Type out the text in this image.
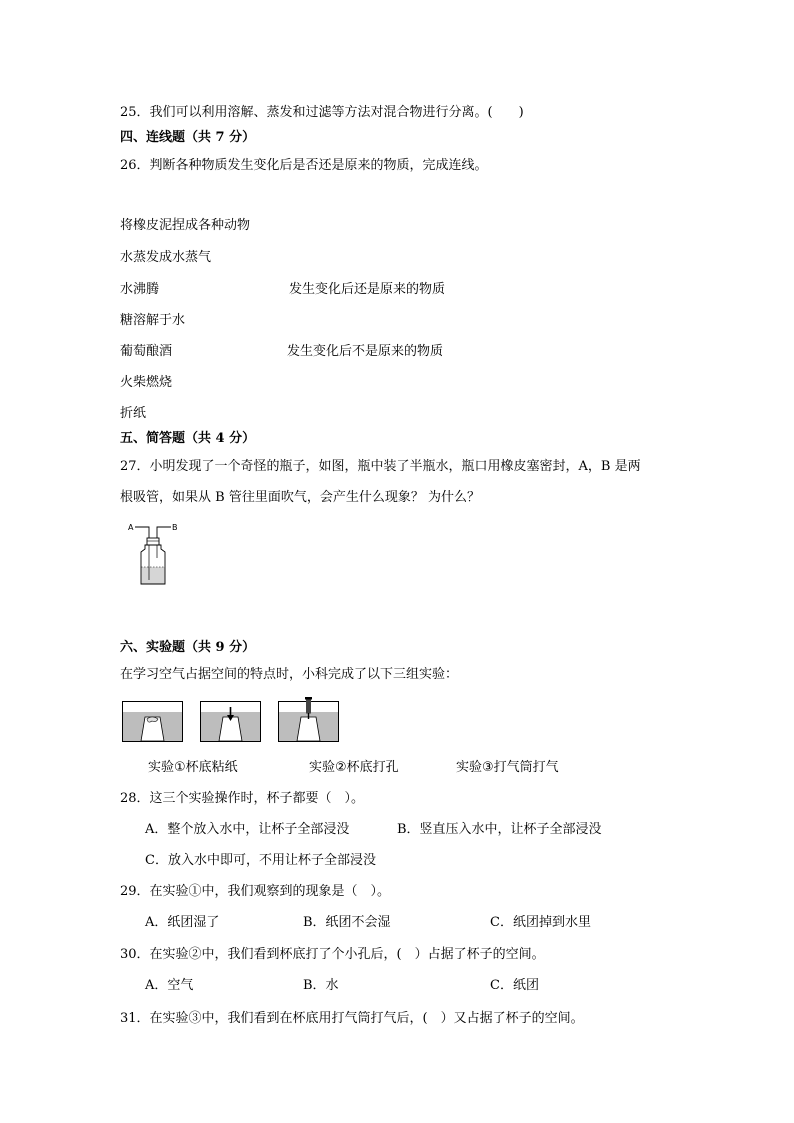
25．我们可以利用溶解、蒸发和过滤等方法对混合物进行分离。(　　)
四、连线题（共 7 分）
26．判断各种物质发生变化后是否还是原来的物质，完成连线。
将橡皮泥捏成各种动物
水蒸发成水蒸气
水沸腾
糖溶解于水
葡萄酿酒
火柴燃烧
折纸
发生变化后还是原来的物质
发生变化后不是原来的物质
五、简答题（共 4 分）
27．小明发现了一个奇怪的瓶子，如图，瓶中装了半瓶水，瓶口用橡皮塞密封，A，B 是两
根吸管，如果从 B 管往里面吹气，会产生什么现象？ 为什么？
A	B
六、实验题（共 9 分）
在学习空气占据空间的特点时，小科完成了以下三组实验：
实验①杯底粘纸	实验②杯底打孔	实验③打气筒打气
28．这三个实验操作时，杯子都要（　）。
A．整个放入水中，让杯子全部浸没	B．竖直压入水中，让杯子全部浸没
C．放入水中即可，不用让杯子全部浸没
29．在实验①中，我们观察到的现象是（　）。
A．纸团湿了	B．纸团不会湿	C．纸团掉到水里
30．在实验②中，我们看到杯底打了个小孔后，(　）占据了杯子的空间。
A．空气	B．水	C．纸团
31．在实验③中，我们看到在杯底用打气筒打气后，(　）又占据了杯子的空间。
